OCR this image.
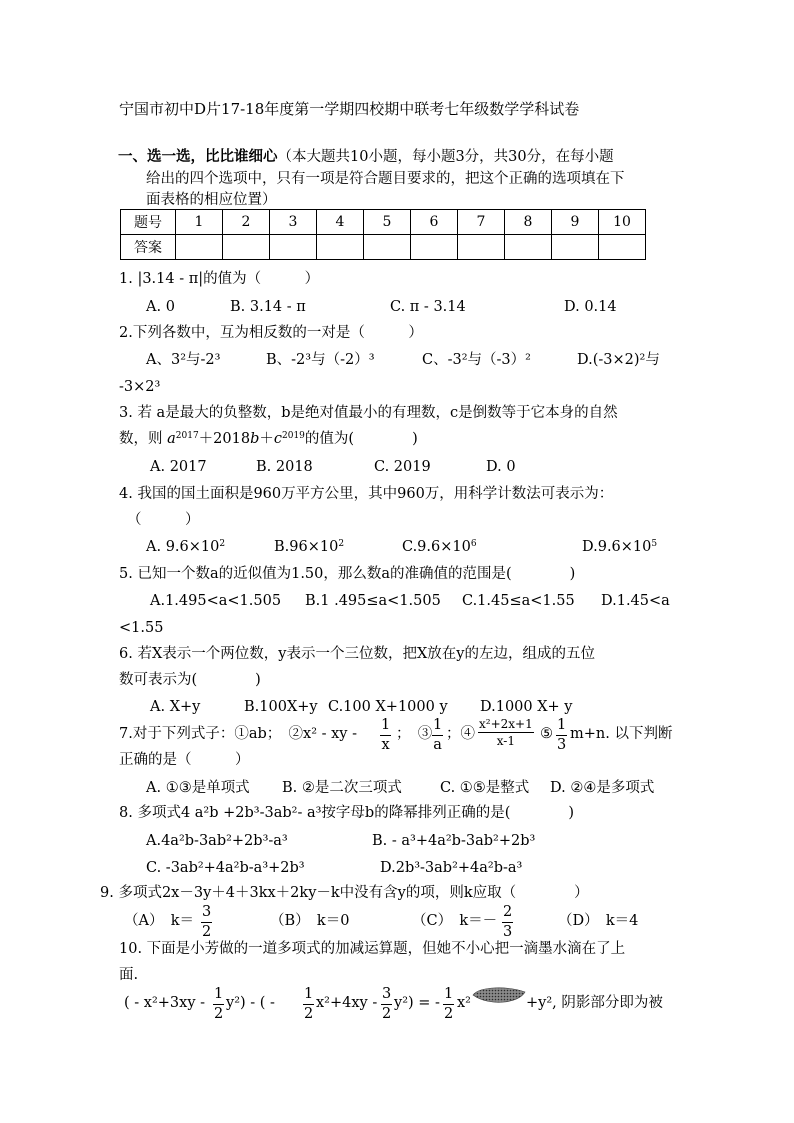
宁国市初中D片17-18年度第一学期四校期中联考七年级数学学科试卷
一、选一选，比比谁细心（本大题共10小题，每小题3分，共30分，在每小题
给出的四个选项中，只有一项是符合题目要求的，把这个正确的选项填在下
面表格的相应位置）
题号	1	2	3	4	5	6	7	8	9	10
答案										
1. |3.14 - π|的值为（　　　）
A. 0	B. 3.14 - π	C. π - 3.14	D. 0.14
2.下列各数中，互为相反数的一对是（　　　）
A、3²与-2³	B、-2³与（-2）³	C、-3²与（-3）²	D.(-3×2)²与
-3×2³
3. 若 a是最大的负整数，b是绝对值最小的有理数，c是倒数等于它本身的自然
数，则 $a^{2017}+2018b+c^{2019}$的值为(　　　　)
A. 2017	B. 2018	C. 2019	D. 0
4. 我国的国土面积是960万平方公里，其中960万，用科学计数法可表示为：
（　　　）
A. $9.6\times 10^2$	$B.96\times 10^2$	$C.9.6\times 10^6$	$D.9.6\times 10^5$
5. 已知一个数a的近似值为1.50，那么数a的准确值的范围是(　　　　)
A.1.495<a<1.505 B.1 .495≤a<1.505 C.1.45≤a<1.55 D.1.45<a
<1.55
6. 若X表示一个两位数，y表示一个三位数，把X放在y的左边，组成的五位
数可表示为(　　　　)
A. X+y	B.100X+y C.100 X+1000 y D.1000 X+ y
7.对于下列式子：①ab；　②x² - xy - $\frac{1}{x}$ ；　③ $\frac{1}{a}$ ；④ $\frac{\text{x²+2x+1}}{x-1}$ ⑤ $\frac{1}{3} m+n$. 以下判断
正确的是（　　　）
A. ①③是单项式 B. ②是二次三项式	C. ①⑤是整式 D. ②④是多项式
8. 多项式4 a²b +2b³-3ab²- a³按字母b的降幂排列正确的是(　　　　)
A.4a²b-3ab²+2b³-a³	B. - a³+4a²b-3ab²+2b³
C. -3ab²+4a²b-a³+2b³	D.2b³-3ab²+4a²b-a³
9. 多项式2x－3y＋4＋3kx＋2ky－k中没有含y的项，则k应取（　　　　）
（A）　$k= \frac{3}{2}$	（B）　k＝0	（C）　$k=- \frac{2}{3}$	（D）　k＝4
10. 下面是小芳做的一道多项式的加减运算题，但她不小心把一滴墨水滴在了上
面.
( - $x^2+3xy - \frac{1}{2} y^2$) - ( - $\frac{1}{2} x^2+4xy - \frac{3}{2} y^2$) = - $\frac{1}{2} x^2$	+y², 阴影部分即为被
